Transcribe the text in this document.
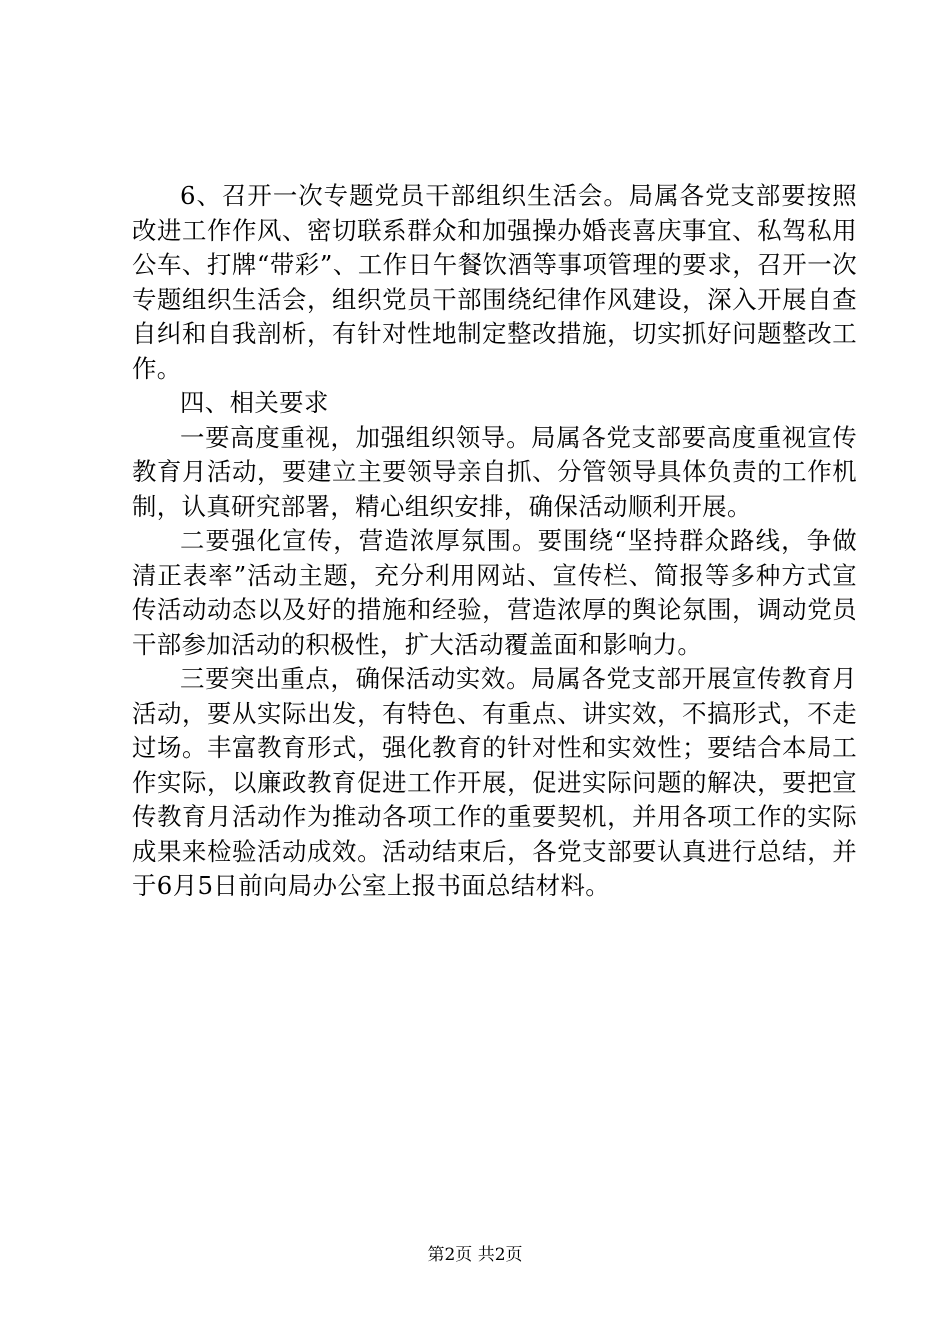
6、召开一次专题党员干部组织生活会。局属各党支部要按照改进工作作风、密切联系群众和加强操办婚丧喜庆事宜、私驾私用公车、打牌“带彩”、工作日午餐饮酒等事项管理的要求，召开一次专题组织生活会，组织党员干部围绕纪律作风建设，深入开展自查自纠和自我剖析，有针对性地制定整改措施，切实抓好问题整改工作。

四、相关要求

一要高度重视，加强组织领导。局属各党支部要高度重视宣传教育月活动，要建立主要领导亲自抓、分管领导具体负责的工作机制，认真研究部署，精心组织安排，确保活动顺利开展。

二要强化宣传，营造浓厚氛围。要围绕“坚持群众路线，争做清正表率”活动主题，充分利用网站、宣传栏、简报等多种方式宣传活动动态以及好的措施和经验，营造浓厚的舆论氛围，调动党员干部参加活动的积极性，扩大活动覆盖面和影响力。

三要突出重点，确保活动实效。局属各党支部开展宣传教育月活动，要从实际出发，有特色、有重点、讲实效，不搞形式，不走过场。丰富教育形式，强化教育的针对性和实效性；要结合本局工作实际，以廉政教育促进工作开展，促进实际问题的解决，要把宣传教育月活动作为推动各项工作的重要契机，并用各项工作的实际成果来检验活动成效。活动结束后，各党支部要认真进行总结，并于6月5日前向局办公室上报书面总结材料。

第2页 共2页
